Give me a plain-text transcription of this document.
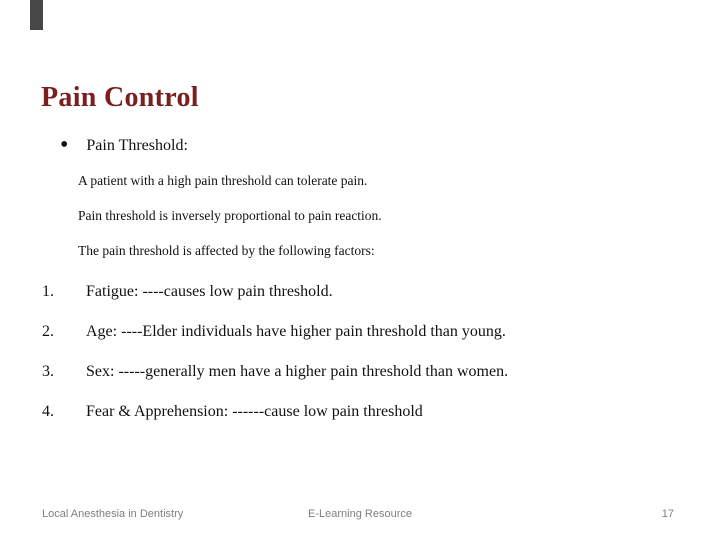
Pain Control
• Pain Threshold:
A patient with a high pain threshold can tolerate pain.
Pain threshold is inversely proportional to pain reaction.
The pain threshold is affected by the following factors:
1.	Fatigue: ----causes low pain threshold.
2.	Age: ----Elder individuals have higher pain threshold than young.
3.	Sex: -----generally men have a higher pain threshold than women.
4.	Fear & Apprehension: ------cause low pain threshold
Local Anesthesia in Dentistry	E-Learning Resource	17
